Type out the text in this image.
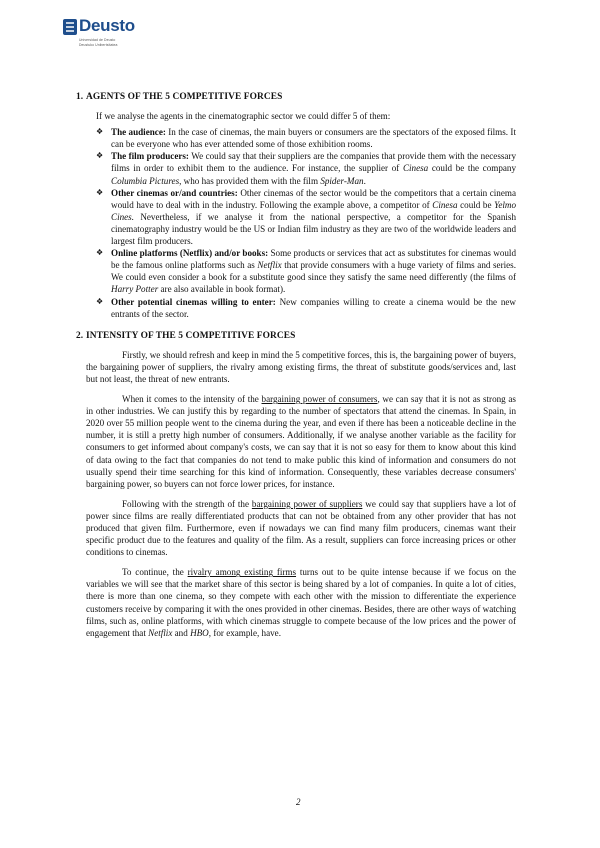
Deusto
Universidad de Deusto
Deustuko Unibertsitatea
1. AGENTS OF THE 5 COMPETITIVE FORCES

If we analyse the agents in the cinematographic sector we could differ 5 of them:

❖ The audience: In the case of cinemas, the main buyers or consumers are the spectators of the exposed films. It can be everyone who has ever attended some of those exhibition rooms.
❖ The film producers: We could say that their suppliers are the companies that provide them with the necessary films in order to exhibit them to the audience. For instance, the supplier of Cinesa could be the company Columbia Pictures, who has provided them with the film Spider-Man.
❖ Other cinemas or/and countries: Other cinemas of the sector would be the competitors that a certain cinema would have to deal with in the industry. Following the example above, a competitor of Cinesa could be Yelmo Cines. Nevertheless, if we analyse it from the national perspective, a competitor for the Spanish cinematography industry would be the US or Indian film industry as they are two of the worldwide leaders and largest film producers.
❖ Online platforms (Netflix) and/or books: Some products or services that act as substitutes for cinemas would be the famous online platforms such as Netflix that provide consumers with a huge variety of films and series. We could even consider a book for a substitute good since they satisfy the same need differently (the films of Harry Potter are also available in book format).
❖ Other potential cinemas willing to enter: New companies willing to create a cinema would be the new entrants of the sector.
2. INTENSITY OF THE 5 COMPETITIVE FORCES

Firstly, we should refresh and keep in mind the 5 competitive forces, this is, the bargaining power of buyers, the bargaining power of suppliers, the rivalry among existing firms, the threat of substitute goods/services and, last but not least, the threat of new entrants.

When it comes to the intensity of the bargaining power of consumers, we can say that it is not as strong as in other industries. We can justify this by regarding to the number of spectators that attend the cinemas. In Spain, in 2020 over 55 million people went to the cinema during the year, and even if there has been a noticeable decline in the number, it is still a pretty high number of consumers. Additionally, if we analyse another variable as the facility for consumers to get informed about company's costs, we can say that it is not so easy for them to know about this kind of data owing to the fact that companies do not tend to make public this kind of information and consumers do not usually spend their time searching for this kind of information. Consequently, these variables decrease consumers' bargaining power, so buyers can not force lower prices, for instance.

Following with the strength of the bargaining power of suppliers we could say that suppliers have a lot of power since films are really differentiated products that can not be obtained from any other provider that has not produced that given film. Furthermore, even if nowadays we can find many film producers, cinemas want their specific product due to the features and quality of the film. As a result, suppliers can force increasing prices or other conditions to cinemas.

To continue, the rivalry among existing firms turns out to be quite intense because if we focus on the variables we will see that the market share of this sector is being shared by a lot of companies. In quite a lot of cities, there is more than one cinema, so they compete with each other with the mission to differentiate the experience customers receive by comparing it with the ones provided in other cinemas. Besides, there are other ways of watching films, such as, online platforms, with which cinemas struggle to compete because of the low prices and the power of engagement that Netflix and HBO, for example, have.

2
